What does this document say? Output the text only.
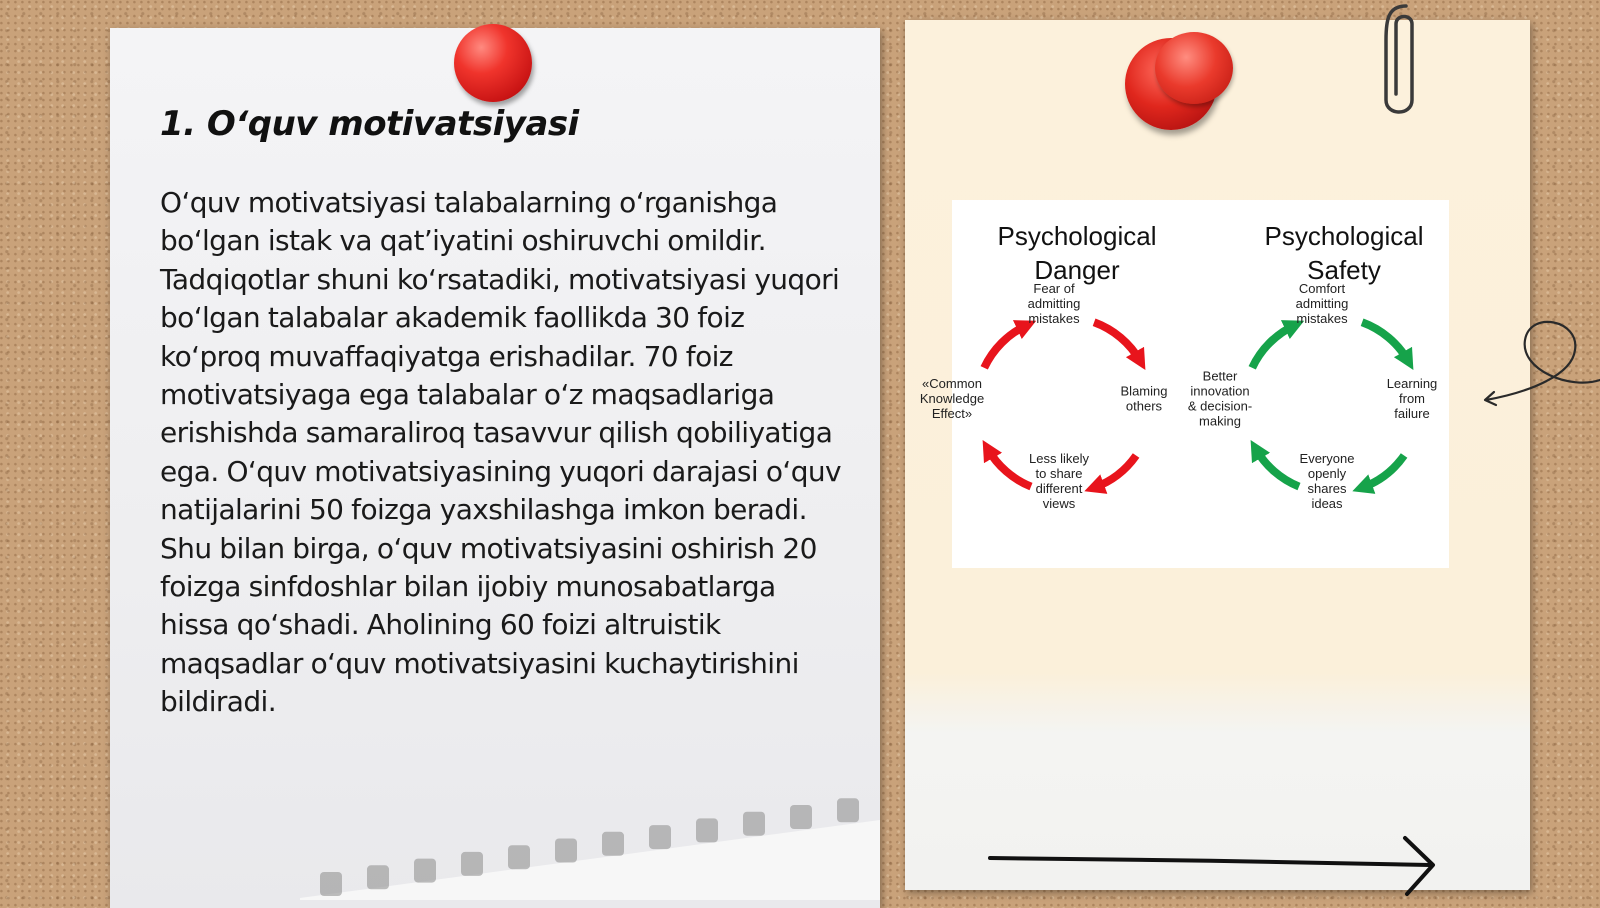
1. O‘quv motivatsiyasi

O‘quv motivatsiyasi talabalarning o‘rganishga bo‘lgan istak va qat’iyatini oshiruvchi omildir. Tadqiqotlar shuni ko‘rsatadiki, motivatsiyasi yuqori bo‘lgan talabalar akademik faollikda 30 foiz ko‘proq muvaffaqiyatga erishadilar. 70 foiz motivatsiyaga ega talabalar o‘z maqsadlariga erishishda samaraliroq tasavvur qilish qobiliyatiga ega. O‘quv motivatsiyasining yuqori darajasi o‘quv natijalarini 50 foizga yaxshilashga imkon beradi. Shu bilan birga, o‘quv motivatsiyasini oshirish 20 foizga sinfdoshlar bilan ijobiy munosabatlarga hissa qo‘shadi. Aholining 60 foizi altruistik maqsadlar o‘quv motivatsiyasini kuchaytirishini bildiradi.

Psychological
Danger
Psychological
Safety
Fear of
admitting
mistakes
Blaming
others
Less likely
to share
different
views
«Common
Knowledge
Effect»
Comfort
admitting
mistakes
Learning
from
failure
Everyone
openly
shares
ideas
Better
innovation
& decision-
making
